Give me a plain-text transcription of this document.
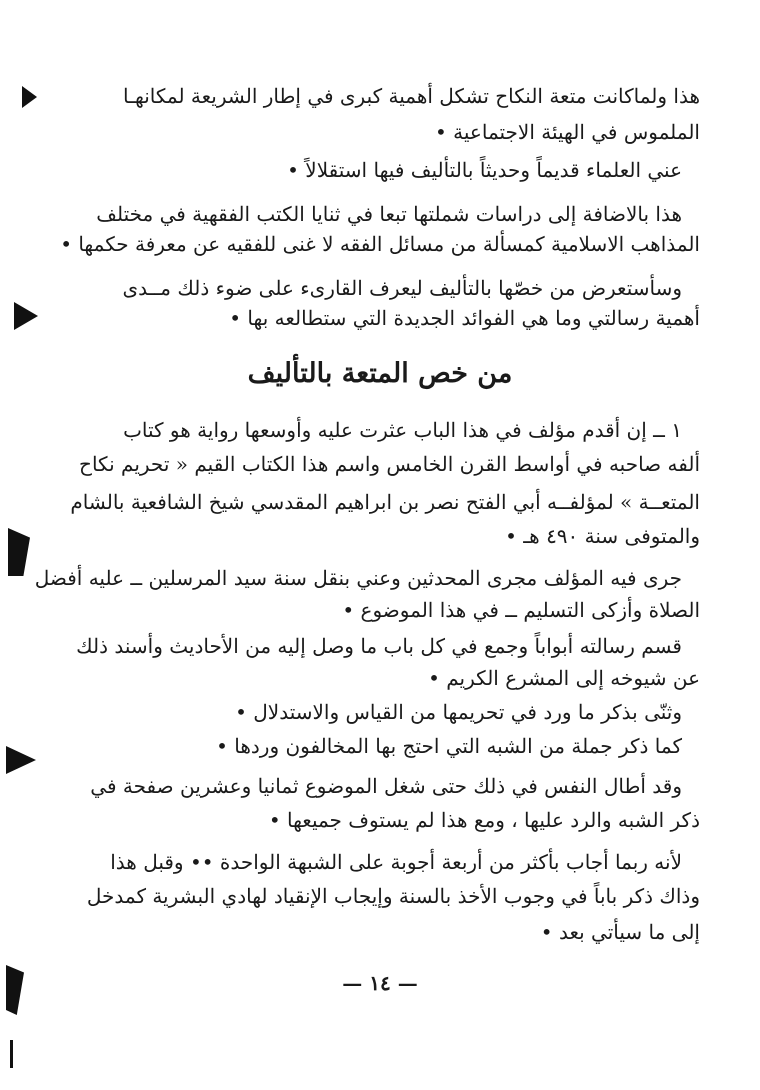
هذا ولماكانت متعة النكاح تشكل أهمية كبرى في إطار الشريعة لمكانهـا
الملموس في الهيئة الاجتماعية •
عني العلماء قديماً وحديثاً بالتأليف فيها استقلالاً •
هذا بالاضافة إلى دراسات شملتها تبعا في ثنايا الكتب الفقهية في مختلف
المذاهب الاسلامية كمسألة من مسائل الفقه لا غنى للفقيه عن معرفة حكمها •
وسأستعرض من خصّها بالتأليف ليعرف القارىء على ضوء ذلك مــدى
أهمية رسالتي وما هي الفوائد الجديدة التي ستطالعه بها •
من خص المتعة بالتأليف
١ ــ إن أقدم مؤلف في هذا الباب عثرت عليه وأوسعها رواية هو كتاب
ألفه صاحبه في أواسط القرن الخامس واسم هذا الكتاب القيم « تحريم نكاح
المتعــة » لمؤلفــه أبي الفتح نصر بن ابراهيم المقدسي شيخ الشافعية بالشام
والمتوفى سنة ٤٩٠ هـ •
جرى فيه المؤلف مجرى المحدثين وعني بنقل سنة سيد المرسلين ــ عليه أفضل
الصلاة وأزكى التسليم ــ في هذا الموضوع •
قسم رسالته أبواباً وجمع في كل باب ما وصل إليه من الأحاديث وأسند ذلك
عن شيوخه إلى المشرع الكريم •
وثنّى بذكر ما ورد في تحريمها من القياس والاستدلال •
كما ذكر جملة من الشبه التي احتج بها المخالفون وردها •
وقد أطال النفس في ذلك حتى شغل الموضوع ثمانيا وعشرين صفحة في
ذكر الشبه والرد عليها ، ومع هذا لم يستوف جميعها •
لأنه ربما أجاب بأكثر من أربعة أجوبة على الشبهة الواحدة •• وقبل هذا
وذاك ذكر باباً في وجوب الأخذ بالسنة وإيجاب الإنقياد لهادي البشرية كمدخل
إلى ما سيأتي بعد •
— ١٤ —
